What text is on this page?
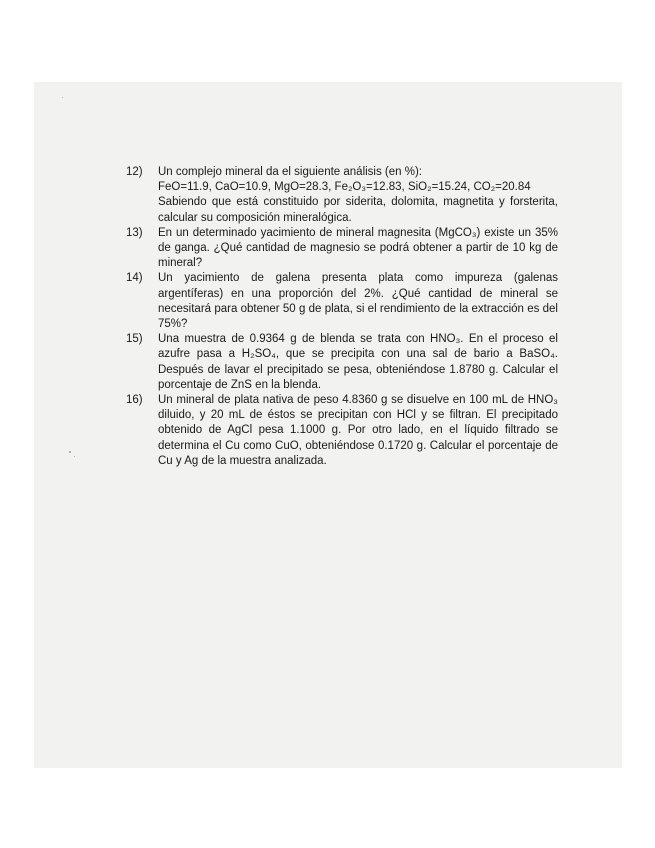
12)	Un complejo mineral da el siguiente análisis (en %):
FeO=11.9, CaO=10.9, MgO=28.3, Fe₂O₃=12.83, SiO₂=15.24, CO₂=20.84
Sabiendo que está constituido por siderita, dolomita, magnetita y forsterita, calcular su composición mineralógica.
13)	En un determinado yacimiento de mineral magnesita (MgCO₃) existe un 35% de ganga. ¿Qué cantidad de magnesio se podrá obtener a partir de 10 kg de mineral?
14)	Un yacimiento de galena presenta plata como impureza (galenas argentíferas) en una proporción del 2%. ¿Qué cantidad de mineral se necesitará para obtener 50 g de plata, si el rendimiento de la extracción es del 75%?
15)	Una muestra de 0.9364 g de blenda se trata con HNO₃. En el proceso el azufre pasa a H₂SO₄, que se precipita con una sal de bario a BaSO₄. Después de lavar el precipitado se pesa, obteniéndose 1.8780 g. Calcular el porcentaje de ZnS en la blenda.
16)	Un mineral de plata nativa de peso 4.8360 g se disuelve en 100 mL de HNO₃ diluido, y 20 mL de éstos se precipitan con HCl y se filtran. El precipitado obtenido de AgCl pesa 1.1000 g. Por otro lado, en el líquido filtrado se determina el Cu como CuO, obteniéndose 0.1720 g. Calcular el porcentaje de Cu y Ag de la muestra analizada.
